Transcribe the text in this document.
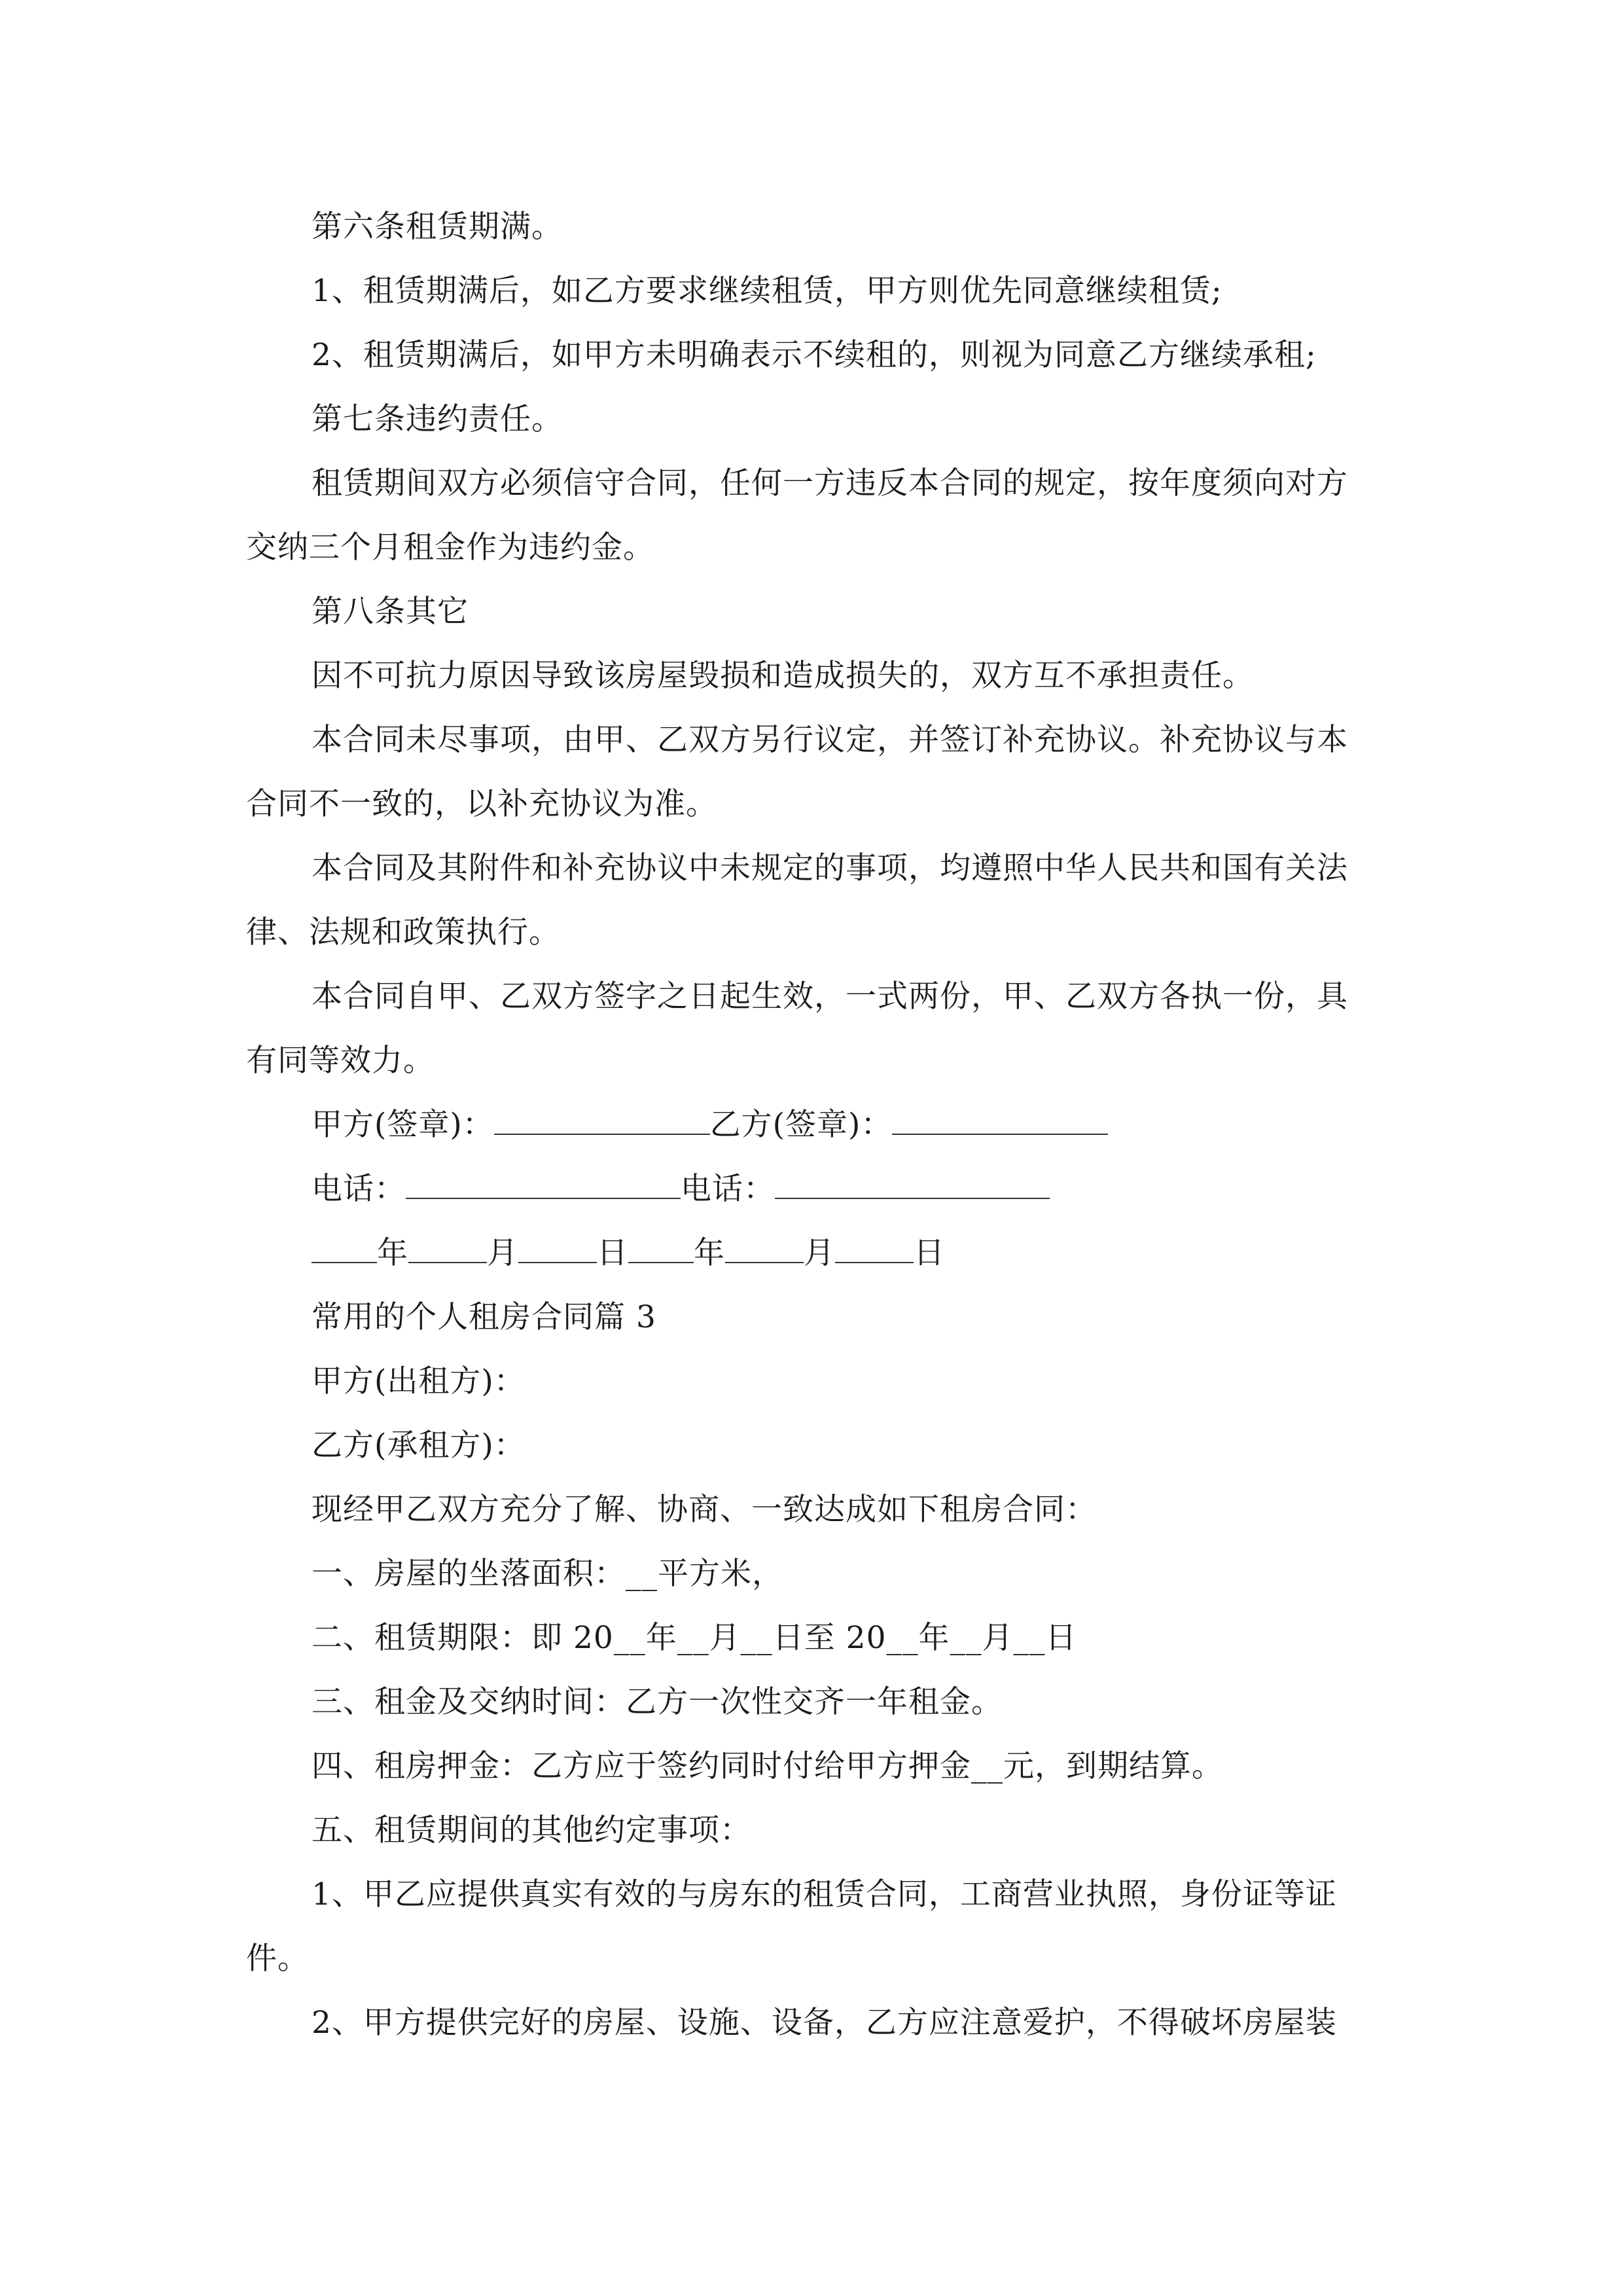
第六条租赁期满。
1、租赁期满后，如乙方要求继续租赁，甲方则优先同意继续租赁;
2、租赁期满后，如甲方未明确表示不续租的，则视为同意乙方继续承租;
第七条违约责任。
租赁期间双方必须信守合同，任何一方违反本合同的规定，按年度须向对方
交纳三个月租金作为违约金。
第八条其它
因不可抗力原因导致该房屋毁损和造成损失的，双方互不承担责任。
本合同未尽事项，由甲、乙双方另行议定，并签订补充协议。补充协议与本
合同不一致的，以补充协议为准。
本合同及其附件和补充协议中未规定的事项，均遵照中华人民共和国有关法
律、法规和政策执行。
本合同自甲、乙双方签字之日起生效，一式两份，甲、乙双方各执一份，具
有同等效力。
甲方(签章)：	乙方(签章)：
电话：	电话：
年	月	日 年	月	日
常用的个人租房合同篇 3
甲方(出租方)：
乙方(承租方)：
现经甲乙双方充分了解、协商、一致达成如下租房合同：
一、房屋的坐落面积：__平方米，
二、租赁期限：即 20__年__月__日至 20__年__月__日
三、租金及交纳时间：乙方一次性交齐一年租金。
四、租房押金：乙方应于签约同时付给甲方押金__元，到期结算。
五、租赁期间的其他约定事项：
1、甲乙应提供真实有效的与房东的租赁合同，工商营业执照，身份证等证
件。
2、甲方提供完好的房屋、设施、设备，乙方应注意爱护，不得破坏房屋装
